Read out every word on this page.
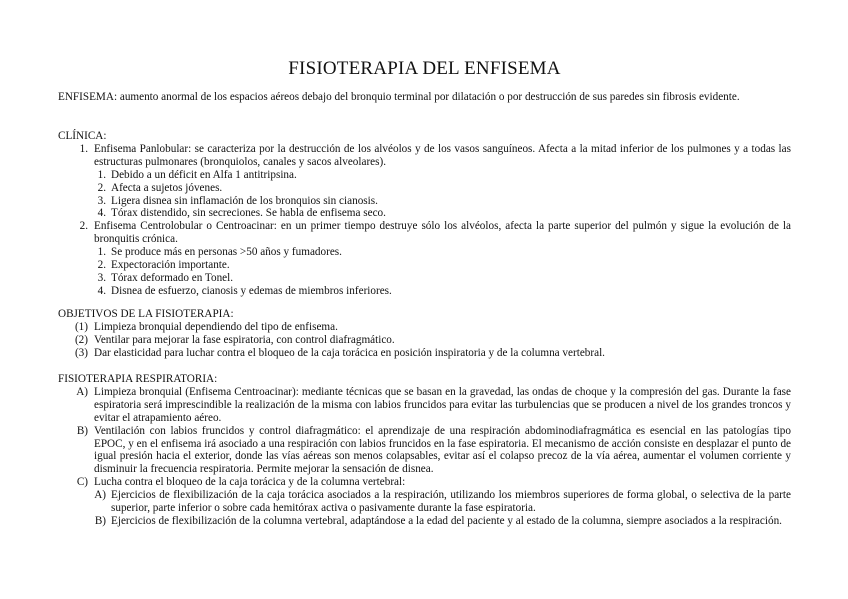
FISIOTERAPIA DEL ENFISEMA
ENFISEMA: aumento anormal de los espacios aéreos debajo del bronquio terminal por dilatación o por destrucción de sus paredes sin fibrosis evidente.
CLÍNICA:
1. Enfisema Panlobular: se caracteriza por la destrucción de los alvéolos y de los vasos sanguíneos. Afecta a la mitad inferior de los pulmones y a todas las estructuras pulmonares (bronquiolos, canales y sacos alveolares).
1. Debido a un déficit en Alfa 1 antitripsina.
2. Afecta a sujetos jóvenes.
3. Ligera disnea sin inflamación de los bronquios sin cianosis.
4. Tórax distendido, sin secreciones. Se habla de enfisema seco.
2. Enfisema Centrolobular o Centroacinar: en un primer tiempo destruye sólo los alvéolos, afecta la parte superior del pulmón y sigue la evolución de la bronquitis crónica.
1. Se produce más en personas >50 años y fumadores.
2. Expectoración importante.
3. Tórax deformado en Tonel.
4. Disnea de esfuerzo, cianosis y edemas de miembros inferiores.
OBJETIVOS DE LA FISIOTERAPIA:
(1) Limpieza bronquial dependiendo del tipo de enfisema.
(2) Ventilar para mejorar la fase espiratoria, con control diafragmático.
(3) Dar elasticidad para luchar contra el bloqueo de la caja torácica en posición inspiratoria y de la columna vertebral.
FISIOTERAPIA RESPIRATORIA:
A) Limpieza bronquial (Enfisema Centroacinar): mediante técnicas que se basan en la gravedad, las ondas de choque y la compresión del gas. Durante la fase espiratoria será imprescindible la realización de la misma con labios fruncidos para evitar las turbulencias que se producen a nivel de los grandes troncos y evitar el atrapamiento aéreo.
B) Ventilación con labios fruncidos y control diafragmático: el aprendizaje de una respiración abdominodiafragmática es esencial en las patologías tipo EPOC, y en el enfisema irá asociado a una respiración con labios fruncidos en la fase espiratoria. El mecanismo de acción consiste en desplazar el punto de igual presión hacia el exterior, donde las vías aéreas son menos colapsables, evitar así el colapso precoz de la vía aérea, aumentar el volumen corriente y disminuir la frecuencia respiratoria. Permite mejorar la sensación de disnea.
C) Lucha contra el bloqueo de la caja torácica y de la columna vertebral:
A) Ejercicios de flexibilización de la caja torácica asociados a la respiración, utilizando los miembros superiores de forma global, o selectiva de la parte superior, parte inferior o sobre cada hemitórax activa o pasivamente durante la fase espiratoria.
B) Ejercicios de flexibilización de la columna vertebral, adaptándose a la edad del paciente y al estado de la columna, siempre asociados a la respiración.
